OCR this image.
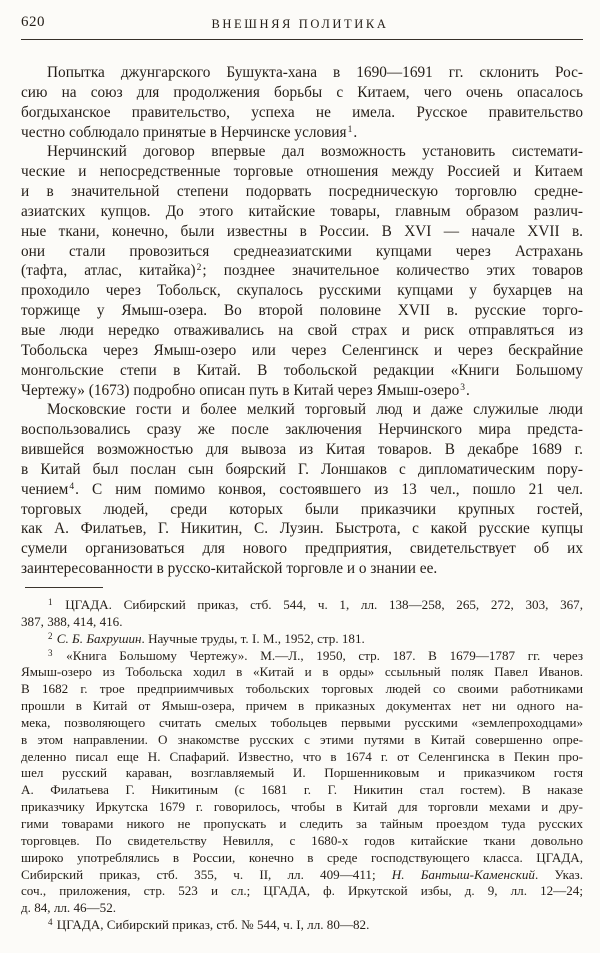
620	ВНЕШНЯЯ ПОЛИТИКА
Попытка джунгарского Бушукта-хана в 1690—1691 гг. склонить Рос-
сию на союз для продолжения борьбы с Китаем, чего очень опасалось
богдыханское правительство, успеха не имела. Русское правительство
честно соблюдало принятые в Нерчинске условия$^1$.
Нерчинский договор впервые дал возможность установить системати-
ческие и непосредственные торговые отношения между Россией и Китаем
и в значительной степени подорвать посредническую торговлю средне-
азиатских купцов. До этого китайские товары, главным образом различ-
ные ткани, конечно, были известны в России. В XVI — начале XVII в.
они стали провозиться среднеазиатскими купцами через Астрахань
(тафта, атлас, китайка)$^2$; позднее значительное количество этих товаров
проходило через Тобольск, скупалось русскими купцами у бухарцев на
торжище у Ямыш-озера. Во второй половине XVII в. русские торго-
вые люди нередко отваживались на свой страх и риск отправляться из
Тобольска через Ямыш-озеро или через Селенгинск и через бескрайние
монгольские степи в Китай. В тобольской редакции «Книги Большому
Чертежу» (1673) подробно описан путь в Китай через Ямыш-озеро$^3$.
Московские гости и более мелкий торговый люд и даже служилые люди
воспользовались сразу же после заключения Нерчинского мира предста-
вившейся возможностью для вывоза из Китая товаров. В декабре 1689 г.
в Китай был послан сын боярский Г. Лоншаков с дипломатическим пору-
чением$^4$. С ним помимо конвоя, состоявшего из 13 чел., пошло 21 чел.
торговых людей, среди которых были приказчики крупных гостей,
как А. Филатьев, Г. Никитин, С. Лузин. Быстрота, с какой русские купцы
сумели организоваться для нового предприятия, свидетельствует об их
заинтересованности в русско-китайской торговле и о знании ее.
$^1$ ЦГАДА. Сибирский приказ, стб. 544, ч. 1, лл. 138—258, 265, 272, 303, 367,
387, 388, 414, 416.
$^2$ С. Б. Бахрушин. Научные труды, т. I. М., 1952, стр. 181.
$^3$ «Книга Большому Чертежу». М.—Л., 1950, стр. 187. В 1679—1787 гг. через
Ямыш-озеро из Тобольска ходил в «Китай и в орды» ссыльный поляк Павел Иванов.
В 1682 г. трое предприимчивых тобольских торговых людей со своими работниками
прошли в Китай от Ямыш-озера, причем в приказных документах нет ни одного на-
мека, позволяющего считать смелых тобольцев первыми русскими «землепроходцами»
в этом направлении. О знакомстве русских с этими путями в Китай совершенно опре-
деленно писал еще Н. Спафарий. Известно, что в 1674 г. от Селенгинска в Пекин про-
шел русский караван, возглавляемый И. Поршенниковым и приказчиком гостя
А. Филатьева Г. Никитиным (с 1681 г. Г. Никитин стал гостем). В наказе
приказчику Иркутска 1679 г. говорилось, чтобы в Китай для торговли мехами и дру-
гими товарами никого не пропускать и следить за тайным проездом туда русских
торговцев. По свидетельству Невилля, с 1680-х годов китайские ткани довольно
широко употреблялись в России, конечно в среде господствующего класса. ЦГАДА,
Сибирский приказ, стб. 355, ч. II, лл. 409—411; Н. Бантыш-Каменский. Указ.
соч., приложения, стр. 523 и сл.; ЦГАДА, ф. Иркутской избы, д. 9, лл. 12—24;
д. 84, лл. 46—52.
$^4$ ЦГАДА, Сибирский приказ, стб. № 544, ч. I, лл. 80—82.
